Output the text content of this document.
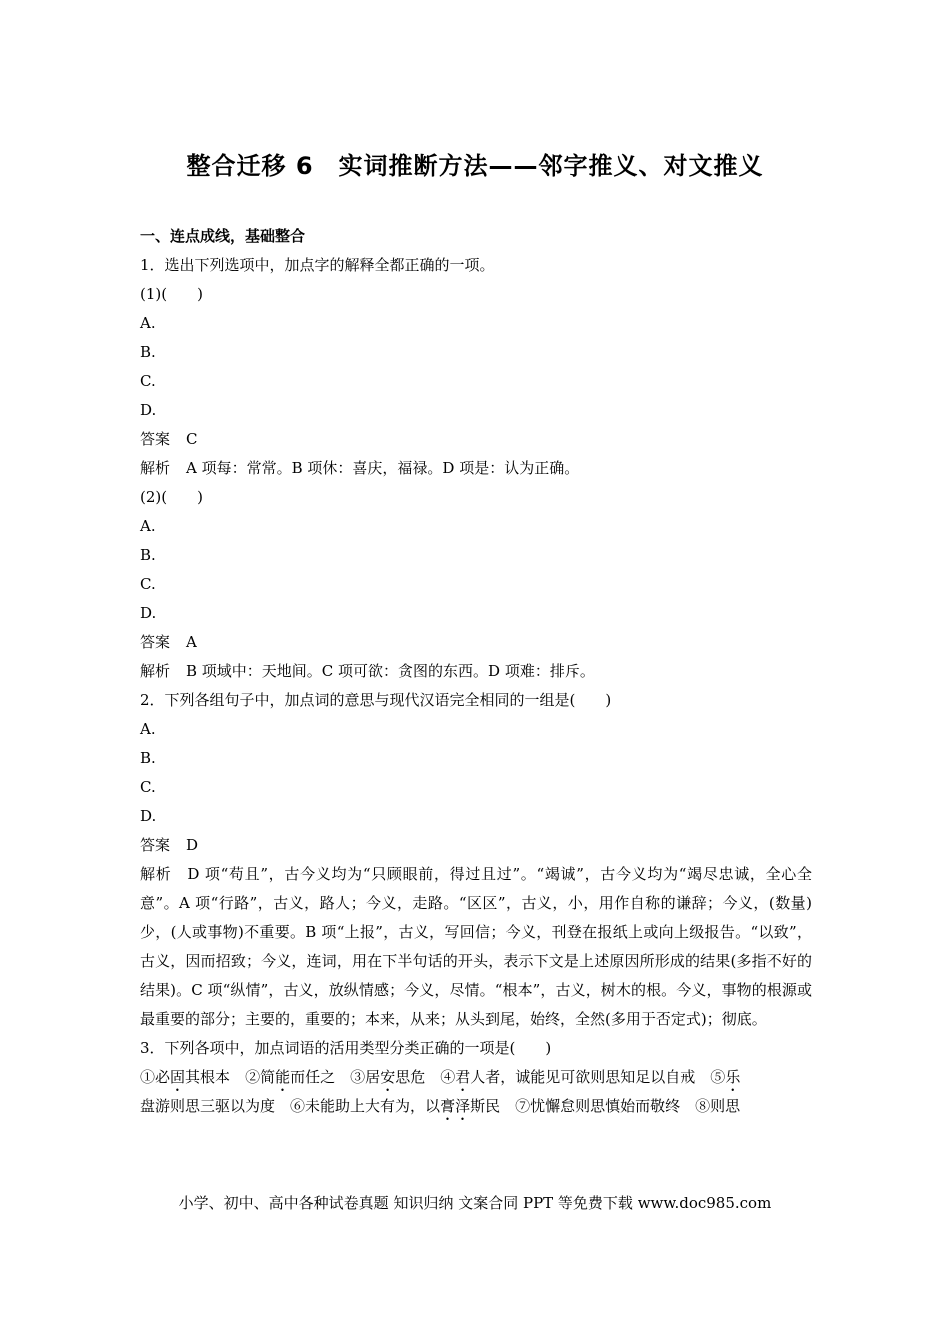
整合迁移 6　实词推断方法——邻字推义、对文推义
一、连点成线，基础整合
1．选出下列选项中，加点字的解释全都正确的一项。
(1)(　　)
A.
B.
C.
D.
答案 C
解析 A 项每：常常。B 项休：喜庆，福禄。D 项是：认为正确。
(2)(　　)
A.
B.
C.
D.
答案 A
解析 B 项域中：天地间。C 项可欲：贪图的东西。D 项难：排斥。
2．下列各组句子中，加点词的意思与现代汉语完全相同的一组是(　　)
A.
B.
C.
D.
答案 D
解析 D 项“苟且”，古今义均为“只顾眼前，得过且过”。“竭诚”，古今义均为“竭尽忠诚，全心全意”。A 项“行路”，古义，路人；今义，走路。“区区”，古义，小，用作自称的谦辞；今义，(数量)少，(人或事物)不重要。B 项“上报”，古义，写回信；今义，刊登在报纸上或向上级报告。“以致”，古义，因而招致；今义，连词，用在下半句话的开头，表示下文是上述原因所形成的结果(多指不好的结果)。C 项“纵情”，古义，放纵情感；今义，尽情。“根本”，古义，树木的根。今义，事物的根源或最重要的部分；主要的，重要的；本来，从来；从头到尾，始终，全然(多用于否定式)；彻底。
3．下列各项中，加点词语的活用类型分类正确的一项是(　　)
①必固其根本　 ②简能而任之　 ③居安思危　 ④君人者，诚能见可欲则思知足以自戒　 ⑤乐
盘游则思三驱以为度　 ⑥未能助上大有为，以膏泽斯民　 ⑦忧懈怠则思慎始而敬终　 ⑧则思
小学、初中、高中各种试卷真题 知识归纳 文案合同 PPT 等免费下载 www.doc985.com
